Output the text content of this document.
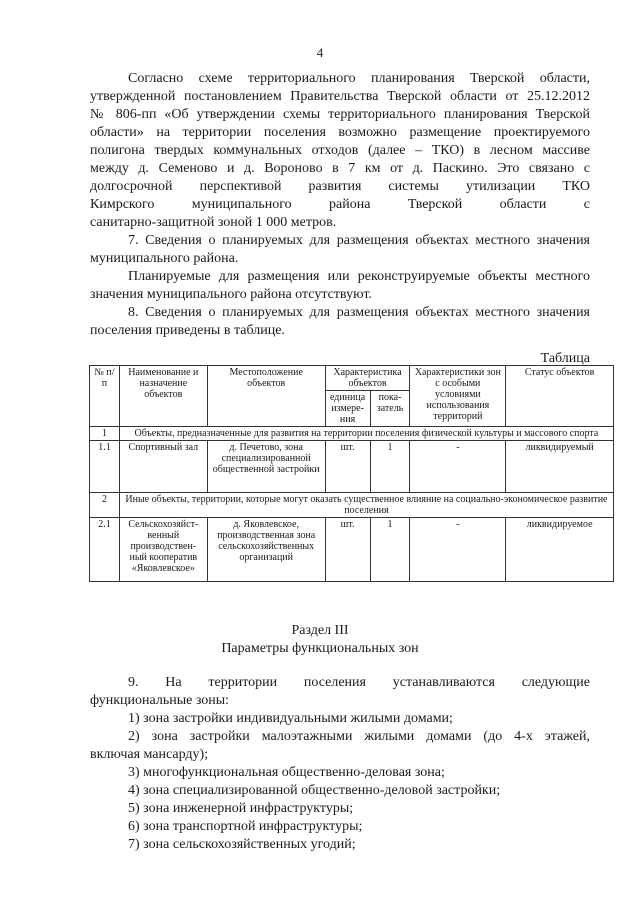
4

Согласно схеме территориального планирования Тверской области,

утвержденной постановлением Правительства Тверской области от 25.12.2012

№ 806-пп «Об утверждении схемы территориального планирования Тверской

области» на территории поселения возможно размещение проектируемого

полигона твердых коммунальных отходов (далее – ТКО) в лесном массиве

между д. Семеново и д. Вороново в 7 км от д. Паскино. Это связано с

долгосрочной перспективой развития системы утилизации ТКО

Кимрского муниципального района Тверской области с

санитарно-защитной зоной 1 000 метров.

7. Сведения о планируемых для размещения объектах местного значения муниципального района.

Планируемые для размещения или реконструируемые объекты местного значения муниципального района отсутствуют.

8. Сведения о планируемых для размещения объектах местного значения поселения приведены в таблице.

Таблица
№ п/п	Наименование и назначение объектов	Местоположение объектов	Характеристика объектов		Характеристики зон с особыми условиями использования территорий	Статус объектов
			единица измере-ния	пока-затель		
1	Объекты, предназначенные для развития на территории поселения физической культуры и массового спорта					
1.1	Спортивный зал	д. Печетово, зона специализированной общественной застройки	шт.	1	-	ликвидируемый
2	Иные объекты, территории, которые могут оказать существенное влияние на социально-экономическое развитие поселения					
2.1	Сельскохозяйст-венный производствен-ный кооператив «Яковлевское»	д. Яковлевское, производственная зона сельскохозяйственных организаций	шт.	1	-	ликвидируемое
Раздел III
Параметры функциональных зон

9. На территории поселения устанавливаются следующие

функциональные зоны:

1) зона застройки индивидуальными жилыми домами;

2) зона застройки малоэтажными жилыми домами (до 4-х этажей,

включая мансарду);

3) многофункциональная общественно-деловая зона;

4) зона специализированной общественно-деловой застройки;

5) зона инженерной инфраструктуры;

6) зона транспортной инфраструктуры;

7) зона сельскохозяйственных угодий;
